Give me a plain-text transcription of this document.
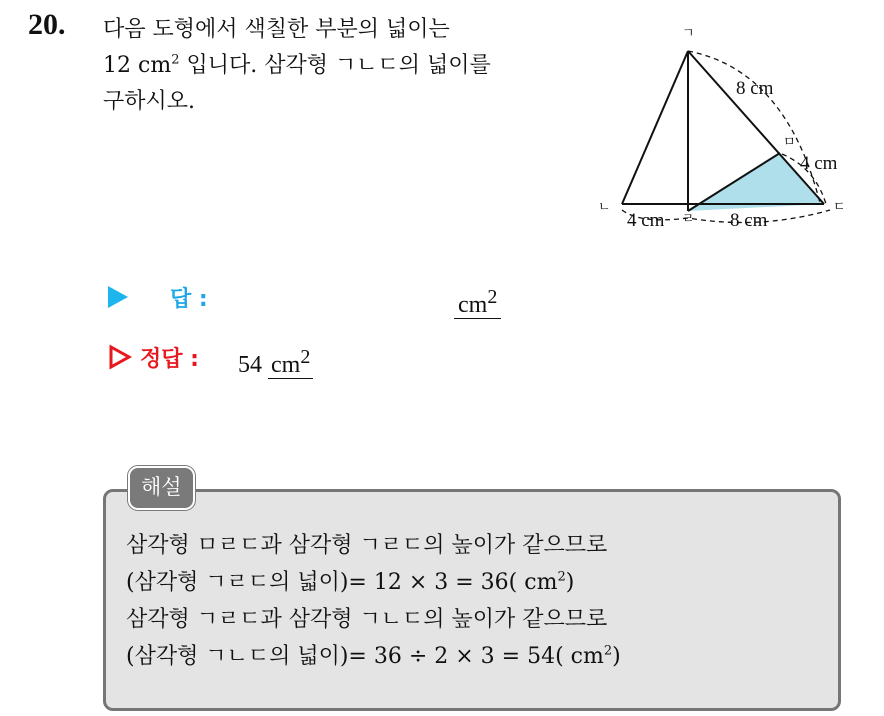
20. 다음 도형에서 색칠한 부분의 넓이는
12 $cm^2$ 입니다. 삼각형 ㄱㄴㄷ의 넓이를
구하시오.
ㄱ
ㄴ	ㄷ
ㄹ
ㅁ
8 cm
4 cm
4 cm	8 cm
답 :	$cm^2$
정답 : 54 $cm^2$
해설
삼각형 ㅁㄹㄷ과 삼각형 ㄱㄹㄷ의 높이가 같으므로
(삼각형 ㄱㄹㄷ의 넓이)= 12 × 3 = 36( $cm^2$)
삼각형 ㄱㄹㄷ과 삼각형 ㄱㄴㄷ의 높이가 같으므로
(삼각형 ㄱㄴㄷ의 넓이)= 36 ÷ 2 × 3 = 54( $cm^2$)
